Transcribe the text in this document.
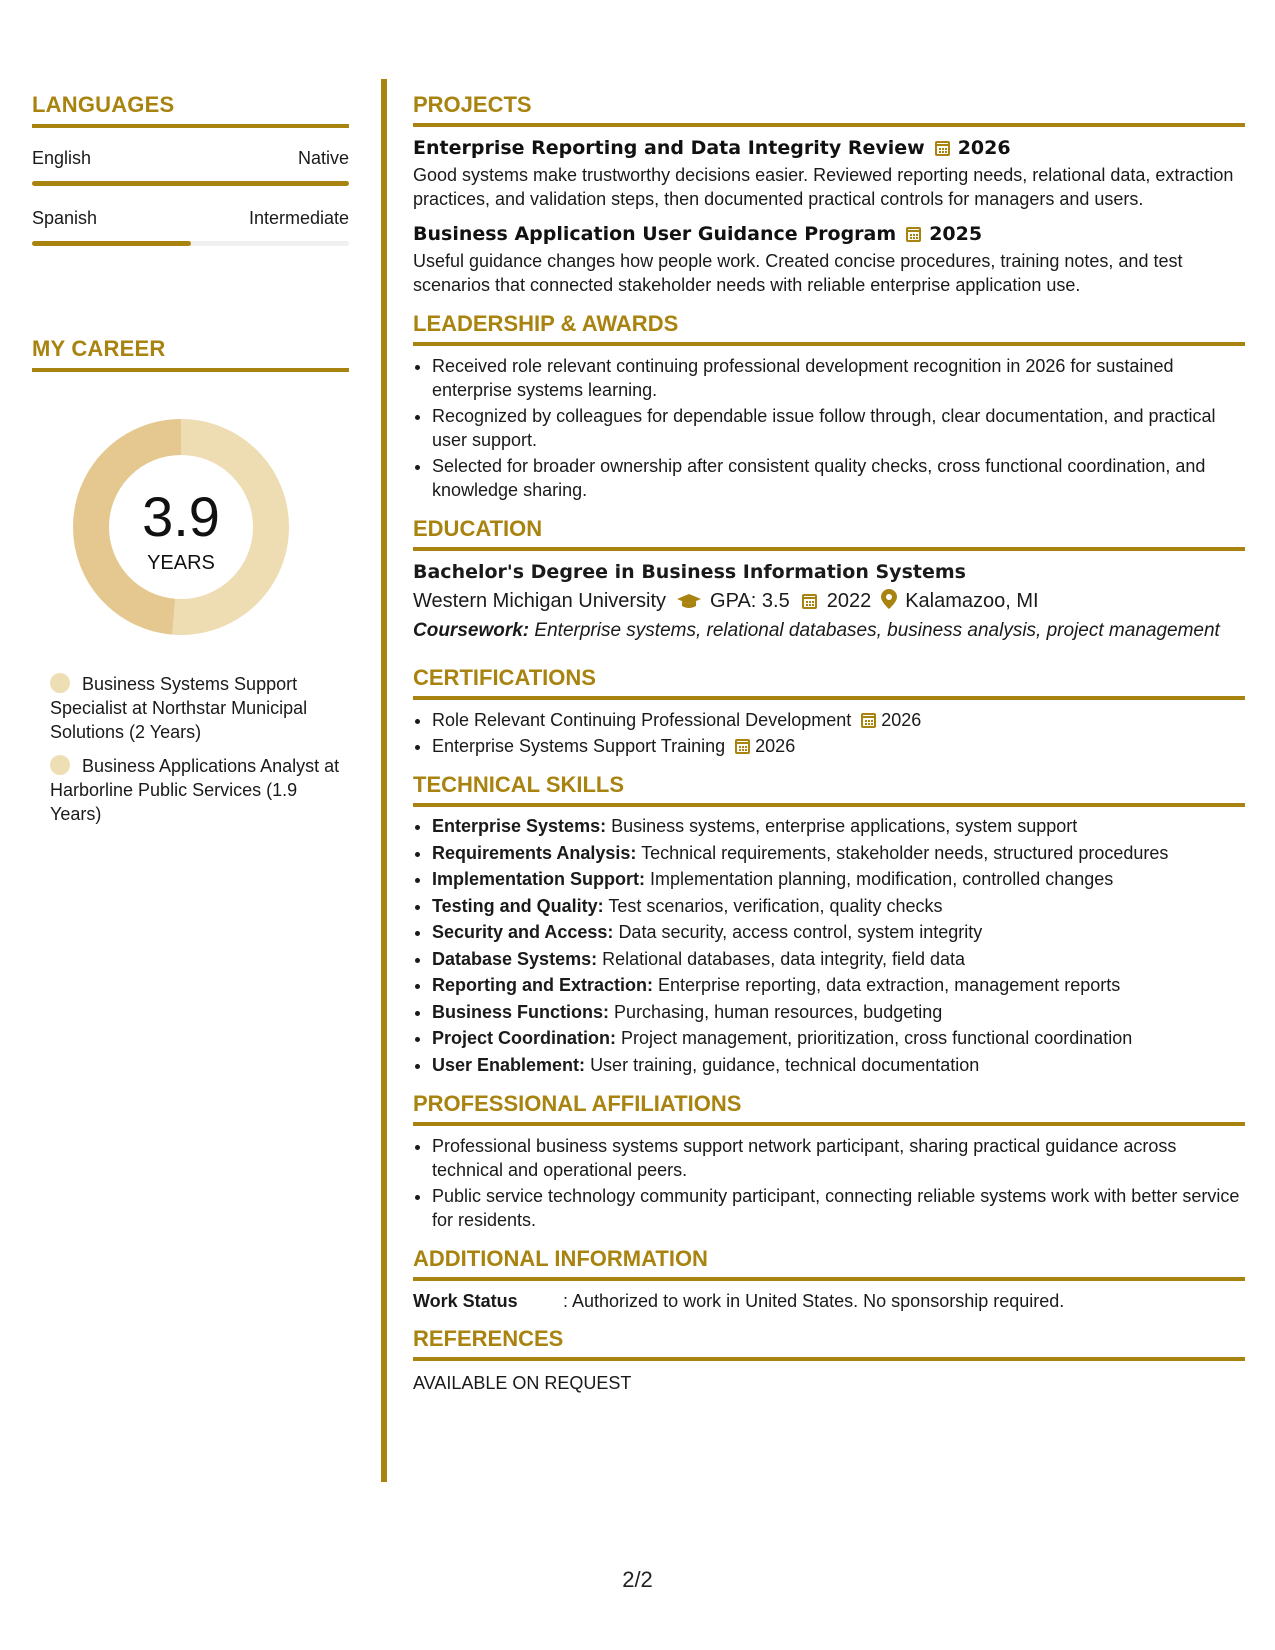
LANGUAGES
English	Native
Spanish	Intermediate
MY CAREER
3.9
YEARS
Business Systems Support Specialist at Northstar Municipal Solutions (2 Years)
Business Applications Analyst at Harborline Public Services (1.9 Years)
PROJECTS
Enterprise Reporting and Data Integrity Review 2026
Good systems make trustworthy decisions easier. Reviewed reporting needs, relational data, extraction practices, and validation steps, then documented practical controls for managers and users.
Business Application User Guidance Program 2025
Useful guidance changes how people work. Created concise procedures, training notes, and test scenarios that connected stakeholder needs with reliable enterprise application use.
LEADERSHIP & AWARDS
• Received role relevant continuing professional development recognition in 2026 for sustained enterprise systems learning.
• Recognized by colleagues for dependable issue follow through, clear documentation, and practical user support.
• Selected for broader ownership after consistent quality checks, cross functional coordination, and knowledge sharing.
EDUCATION
Bachelor's Degree in Business Information Systems
Western Michigan University GPA: 3.5 2022 Kalamazoo, MI
Coursework: Enterprise systems, relational databases, business analysis, project management
CERTIFICATIONS
• Role Relevant Continuing Professional Development 2026
• Enterprise Systems Support Training 2026
TECHNICAL SKILLS
• Enterprise Systems: Business systems, enterprise applications, system support
• Requirements Analysis: Technical requirements, stakeholder needs, structured procedures
• Implementation Support: Implementation planning, modification, controlled changes
• Testing and Quality: Test scenarios, verification, quality checks
• Security and Access: Data security, access control, system integrity
• Database Systems: Relational databases, data integrity, field data
• Reporting and Extraction: Enterprise reporting, data extraction, management reports
• Business Functions: Purchasing, human resources, budgeting
• Project Coordination: Project management, prioritization, cross functional coordination
• User Enablement: User training, guidance, technical documentation
PROFESSIONAL AFFILIATIONS
• Professional business systems support network participant, sharing practical guidance across technical and operational peers.
• Public service technology community participant, connecting reliable systems work with better service for residents.
ADDITIONAL INFORMATION
Work Status	: Authorized to work in United States. No sponsorship required.
REFERENCES
AVAILABLE ON REQUEST
2/2
